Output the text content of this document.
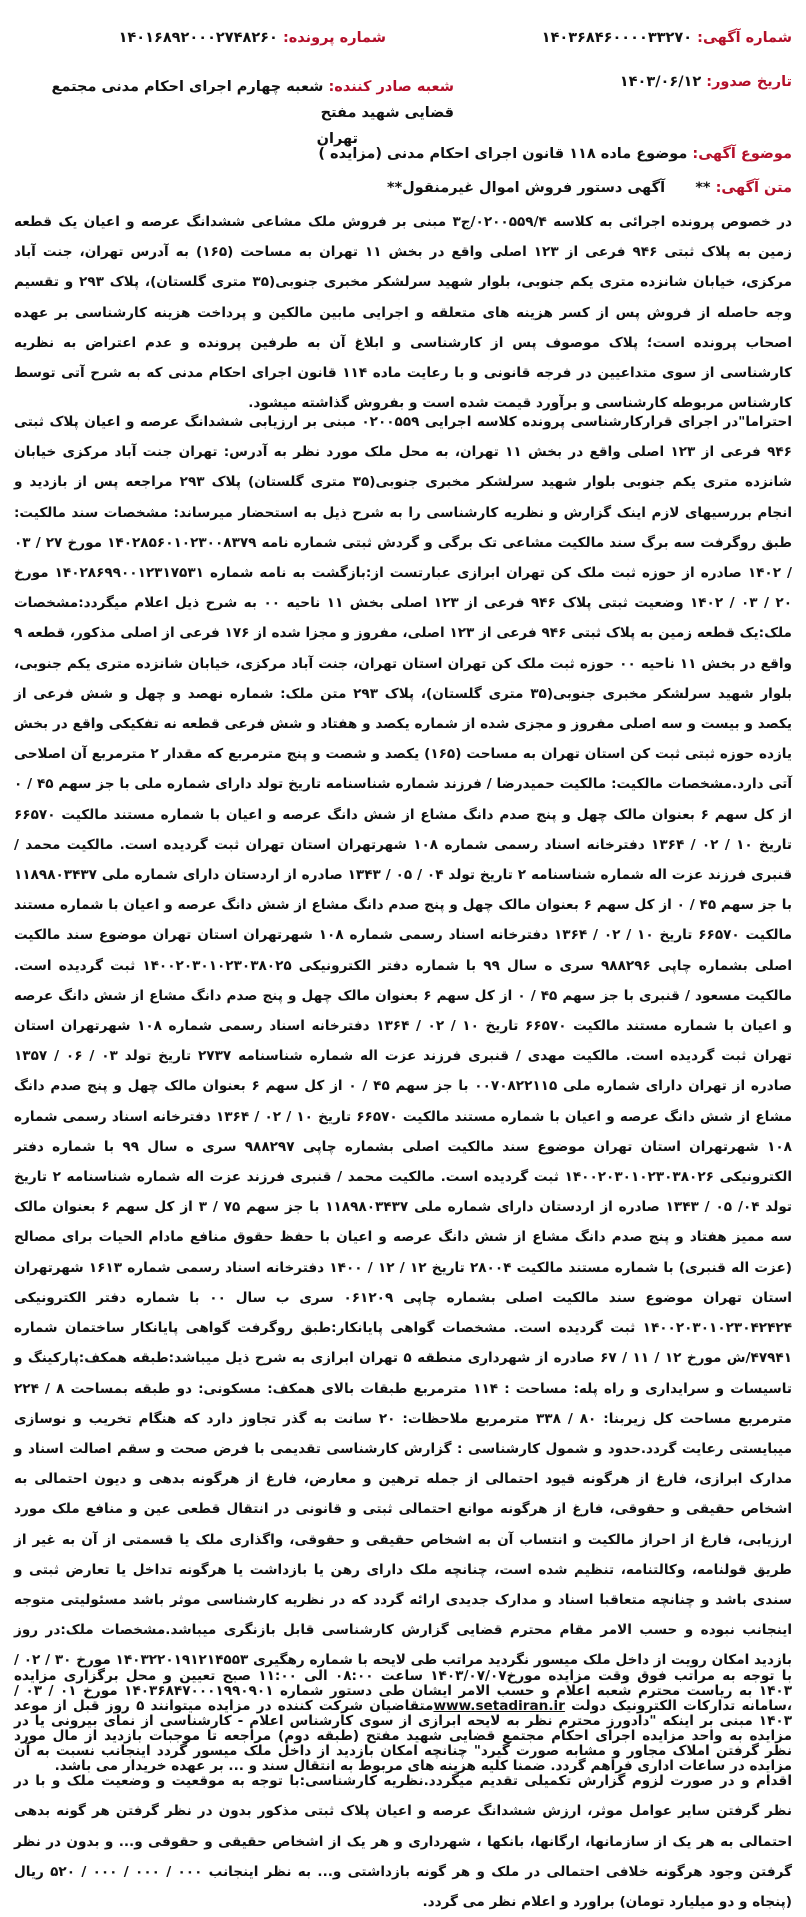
شماره آگهی: ۱۴۰۳۶۸۴۶۰۰۰۰۳۳۲۷۰
شماره پرونده: ۱۴۰۱۶۸۹۲۰۰۰۲۷۴۸۲۶۰
تاریخ صدور: ۱۴۰۳/۰۶/۱۲
شعبه صادر کننده: شعبه چهارم اجرای احکام مدنی مجتمع قضایی شهید مفتح
تهران
موضوع آگهی: موضوع ماده ۱۱۸ قانون اجرای احکام مدنی (مزایده )
متن آگهی: **      آگهی دستور فروش اموال غیرمنقول**

در خصوص پرونده اجرائی به کلاسه ۰۲۰۰۵۵۹/۴/ج۳ مبنی بر فروش ملک مشاعی ششدانگ عرصه و اعیان یک قطعه زمین به پلاک ثبتی ۹۴۶ فرعی از ۱۲۳ اصلی واقع در بخش ۱۱ تهران به مساحت (۱۶۵) به آدرس تهران، جنت آباد مرکزی، خیابان شانزده متری یکم جنوبی، بلوار شهید سرلشکر مخبری جنوبی(۳۵ متری گلستان)، پلاک ۲۹۳ و تقسیم وجه حاصله از فروش پس از کسر هزینه های متعلقه و اجرایی مابین مالکین و پرداخت هزینه کارشناسی بر عهده اصحاب پرونده است؛ پلاک موصوف پس از کارشناسی و ابلاغ آن به طرفین پرونده و عدم اعتراض به نظریه کارشناسی از سوی متداعیین در فرجه قانونی و با رعایت ماده ۱۱۴ قانون اجرای احکام مدنی که به شرح آتی توسط کارشناس مربوطه کارشناسی و برآورد قیمت شده است و بفروش گذاشته میشود.

احتراما"در اجرای قرارکارشناسی پرونده کلاسه اجرایی ۰۲۰۰۵۵۹ مبنی بر ارزیابی ششدانگ عرصه و اعیان پلاک ثبتی ۹۴۶ فرعی از ۱۲۳ اصلی واقع در بخش ۱۱ تهران، به محل ملک مورد نظر به آدرس: تهران جنت آباد مرکزی خیابان شانزده متری یکم جنوبی بلوار شهید سرلشکر مخبری جنوبی(۳۵ متری گلستان) پلاک ۲۹۳ مراجعه پس از بازدید و انجام بررسیهای لازم اینک گزارش و نظریه کارشناسی را به شرح ذیل به استحضار میرساند: مشخصات سند مالکیت: طبق روگرفت سه برگ سند مالکیت مشاعی تک برگی و گردش ثبتی شماره نامه ۱۴۰۲۸۵۶۰۱۰۲۳۰۰۸۳۷۹ مورخ ۲۷ / ۰۳ / ۱۴۰۲ صادره از حوزه ثبت ملک کن تهران ابرازی عبارتست از:بازگشت به نامه شماره ۱۴۰۲۸۶۹۹۰۰۱۲۳۱۷۵۳۱ مورخ ۲۰ / ۰۳ / ۱۴۰۲ وضعیت ثبتی پلاک ۹۴۶ فرعی از ۱۲۳ اصلی بخش ۱۱ ناحیه ۰۰ به شرح ذیل اعلام میگردد:مشخصات ملک:یک قطعه زمین به پلاک ثبتی ۹۴۶ فرعی از ۱۲۳ اصلی، مفروز و مجزا شده از ۱۷۶ فرعی از اصلی مذکور، قطعه ۹ واقع در بخش ۱۱ ناحیه ۰۰ حوزه ثبت ملک کن تهران استان تهران، جنت آباد مرکزی، خیابان شانزده متری یکم جنوبی، بلوار شهید سرلشکر مخبری جنوبی(۳۵ متری گلستان)، پلاک ۲۹۳ متن ملک: شماره نهصد و چهل و شش فرعی از یکصد و بیست و سه اصلی مفروز و مجزی شده از شماره یکصد و هفتاد و شش فرعی قطعه نه تفکیکی واقع در بخش یازده حوزه ثبتی ثبت کن استان تهران به مساحت (۱۶۵) یکصد و شصت و پنج مترمربع که مقدار ۲ مترمربع آن اصلاحی آتی دارد.مشخصات مالکیت: مالکیت حمیدرضا / فرزند شماره شناسنامه تاریخ تولد دارای شماره ملی با جز سهم ۴۵ / ۰ از کل سهم ۶ بعنوان مالک چهل و پنج صدم دانگ مشاع از شش دانگ عرصه و اعیان با شماره مستند مالکیت ۶۶۵۷۰ تاریخ ۱۰ / ۰۲ / ۱۳۶۴ دفترخانه اسناد رسمی شماره ۱۰۸ شهرتهران استان تهران ثبت گردیده است. مالکیت محمد / قنبری فرزند عزت اله شماره شناسنامه ۲ تاریخ تولد ۰۴ / ۰۵ / ۱۳۴۳ صادره از اردستان دارای شماره ملی ۱۱۸۹۸۰۳۴۳۷ با جز سهم ۴۵ / ۰ از کل سهم ۶ بعنوان مالک چهل و پنج صدم دانگ مشاع از شش دانگ عرصه و اعیان با شماره مستند مالکیت ۶۶۵۷۰ تاریخ ۱۰ / ۰۲ / ۱۳۶۴ دفترخانه اسناد رسمی شماره ۱۰۸ شهرتهران استان تهران موضوع سند مالکیت اصلی بشماره چاپی ۹۸۸۲۹۶ سری ه سال ۹۹ با شماره دفتر الکترونیکی ۱۴۰۰۲۰۳۰۱۰۲۳۰۳۸۰۲۵ ثبت گردیده است. مالکیت مسعود / قنبری با جز سهم ۴۵ / ۰ از کل سهم ۶ بعنوان مالک چهل و پنج صدم دانگ مشاع از شش دانگ عرصه و اعیان با شماره مستند مالکیت ۶۶۵۷۰ تاریخ ۱۰ / ۰۲ / ۱۳۶۴ دفترخانه اسناد رسمی شماره ۱۰۸ شهرتهران استان تهران ثبت گردیده است. مالکیت مهدی / قنبری فرزند عزت اله شماره شناسنامه ۲۷۳۷ تاریخ تولد ۰۳ / ۰۶ / ۱۳۵۷ صادره از تهران دارای شماره ملی ۰۰۷۰۸۲۲۱۱۵ با جز سهم ۴۵ / ۰ از کل سهم ۶ بعنوان مالک چهل و پنج صدم دانگ مشاع از شش دانگ عرصه و اعیان با شماره مستند مالکیت ۶۶۵۷۰ تاریخ ۱۰ / ۰۲ / ۱۳۶۴ دفترخانه اسناد رسمی شماره ۱۰۸ شهرتهران استان تهران موضوع سند مالکیت اصلی بشماره چاپی ۹۸۸۲۹۷ سری ه سال ۹۹ با شماره دفتر الکترونیکی ۱۴۰۰۲۰۳۰۱۰۲۳۰۳۸۰۲۶ ثبت گردیده است. مالکیت محمد / قنبری فرزند عزت اله شماره شناسنامه ۲ تاریخ تولد ۰۴/ ۰۵ / ۱۳۴۳ صادره از اردستان دارای شماره ملی ۱۱۸۹۸۰۳۴۳۷ با جز سهم ۷۵ / ۳ از کل سهم ۶ بعنوان مالک سه ممیز هفتاد و پنج صدم دانگ مشاع از شش دانگ عرصه و اعیان با حفظ حقوق منافع مادام الحیات برای مصالح (عزت اله قنبری) با شماره مستند مالکیت ۲۸۰۰۴ تاریخ ۱۲ / ۱۲ / ۱۴۰۰ دفترخانه اسناد رسمی شماره ۱۶۱۳ شهرتهران استان تهران موضوع سند مالکیت اصلی بشماره چاپی ۰۶۱۲۰۹ سری ب سال ۰۰ با شماره دفتر الکترونیکی ۱۴۰۰۲۰۳۰۱۰۲۳۰۴۲۴۲۴ ثبت گردیده است. مشخصات گواهی پایانکار:طبق روگرفت گواهی پایانکار ساختمان شماره ۴۷۹۴۱/ش مورخ ۱۲ / ۱۱ / ۶۷ صادره از شهرداری منطقه ۵ تهران ابرازی به شرح ذیل میباشد:طبقه همکف:پارکینگ و تاسیسات و سرایداری و راه پله: مساحت : ۱۱۴ مترمربع طبقات بالای همکف: مسکونی: دو طبقه بمساحت ۸ / ۲۲۴ مترمربع مساحت کل زیربنا: ۸۰ / ۳۳۸ مترمربع ملاحظات: ۲۰ سانت به گذر تجاوز دارد که هنگام تخریب و نوسازی میبایستی رعایت گردد.حدود و شمول کارشناسی : گزارش کارشناسی تقدیمی با فرض صحت و سقم اصالت اسناد و مدارک ابرازی، فارغ از هرگونه قیود احتمالی از جمله ترهین و معارض، فارغ از هرگونه بدهی و دیون احتمالی به اشخاص حقیقی و حقوقی، فارغ از هرگونه موانع احتمالی ثبتی و قانونی در انتقال قطعی عین و منافع ملک مورد ارزیابی، فارغ از احراز مالکیت و انتساب آن به اشخاص حقیقی و حقوقی، واگذاری ملک یا قسمتی از آن به غیر از طریق قولنامه، وکالتنامه، تنظیم شده است، چنانچه ملک دارای رهن یا بازداشت یا هرگونه تداخل یا تعارض ثبتی و سندی باشد و چنانچه متعاقبا اسناد و مدارک جدیدی ارائه گردد که در نظریه کارشناسی موثر باشد مسئولیتی متوجه اینجانب نبوده و حسب الامر مقام محترم قضایی گزارش کارشناسی قابل بازنگری میباشد.مشخصات ملک:در روز بازدید امکان رویت از داخل ملک میسور نگردید مراتب طی لایحه با شماره رهگیری ۱۴۰۳۲۲۰۱۹۱۲۱۴۵۵۳ مورخ ۳۰ / ۰۲ / ۱۴۰۳ به ریاست محترم شعبه اعلام و حسب الامر ایشان طی دستور شماره ۱۴۰۳۶۸۴۷۰۰۰۱۹۹۰۹۰۱ مورخ ۰۱ / ۰۳ / ۱۴۰۳ مبنی بر اینکه "دادورز محترم نظر به لایحه ابرازی از سوی کارشناس اعلام - کارشناسی از نمای بیرونی یا در نظر گرفتن املاک مجاور و مشابه صورت گیرد" چنانچه امکان بازدید از داخل ملک میسور گردد اینجانب نسبت به آن اقدام و در صورت لزوم گزارش تکمیلی تقدیم میگردد.نظریه کارشناسی:با توجه به موقعیت و وضعیت ملک و با در نظر گرفتن سایر عوامل موثر، ارزش ششدانگ عرصه و اعیان پلاک ثبتی مذکور بدون در نظر گرفتن هر گونه بدهی احتمالی به هر یک از سازمانها، ارگانها، بانکها ، شهرداری و هر یک از اشخاص حقیقی و حقوقی و... و بدون در نظر گرفتن وجود هرگونه خلافی احتمالی در ملک و هر گونه بازداشتی و... به نظر اینجانب ۰۰۰ / ۰۰۰ / ۰۰۰ / ۵۲۰ ریال (پنجاه و دو میلیارد تومان) براورد و اعلام نظر می گردد.

با توجه به مراتب فوق وقت مزایده مورخ۱۴۰۳/۰۷/۰۷ ساعت ۰۸:۰۰ الی ۱۱:۰۰ صبح تعیین و محل برگزاری مزایده ،سامانه تدارکات الکترونیک دولت www.setadiran.irمتقاضیان شرکت کننده در مزایده میتوانند ۵ روز قبل از موعد مزایده به واحد مزایده اجرای احکام مجتمع قضایی شهید مفتح (طبقه دوم) مراجعه تا موجبات بازدید از مال مورد مزایده در ساعات اداری فراهم گردد. ضمنا کلیه هزینه های مربوط به انتقال سند و ... بر عهده خریدار می باشد.
